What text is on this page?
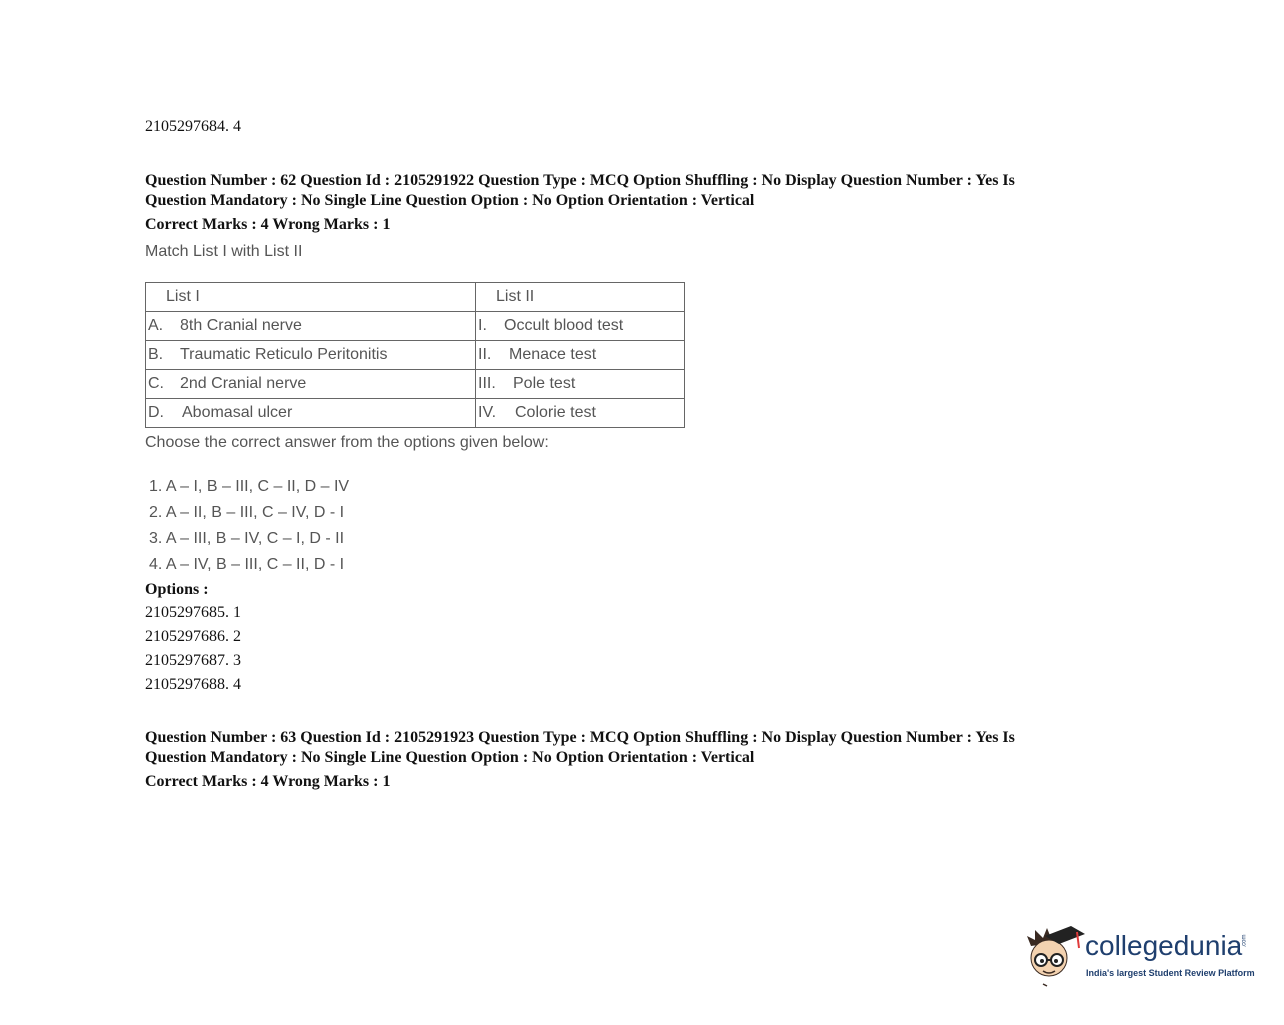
2105297684. 4
Question Number : 62 Question Id : 2105291922 Question Type : MCQ Option Shuffling : No Display Question Number : Yes Is
Question Mandatory : No Single Line Question Option : No Option Orientation : Vertical
Correct Marks : 4 Wrong Marks : 1
Match List I with List II
List I	List II

A. 8th Cranial nerve	I. Occult blood test

B. Traumatic Reticulo Peritonitis	II. Menace test

C. 2nd Cranial nerve	III. Pole test

D. Abomasal ulcer	IV. Colorie test
Choose the correct answer from the options given below:
1. A – I, B – III, C – II, D – IV
2. A – II, B – III, C – IV, D - I
3. A – III, B – IV, C – I, D - II
4. A – IV, B – III, C – II, D - I
Options :
2105297685. 1
2105297686. 2
2105297687. 3
2105297688. 4
Question Number : 63 Question Id : 2105291923 Question Type : MCQ Option Shuffling : No Display Question Number : Yes Is
Question Mandatory : No Single Line Question Option : No Option Orientation : Vertical
Correct Marks : 4 Wrong Marks : 1
collegedunia .com
India's largest Student Review Platform
